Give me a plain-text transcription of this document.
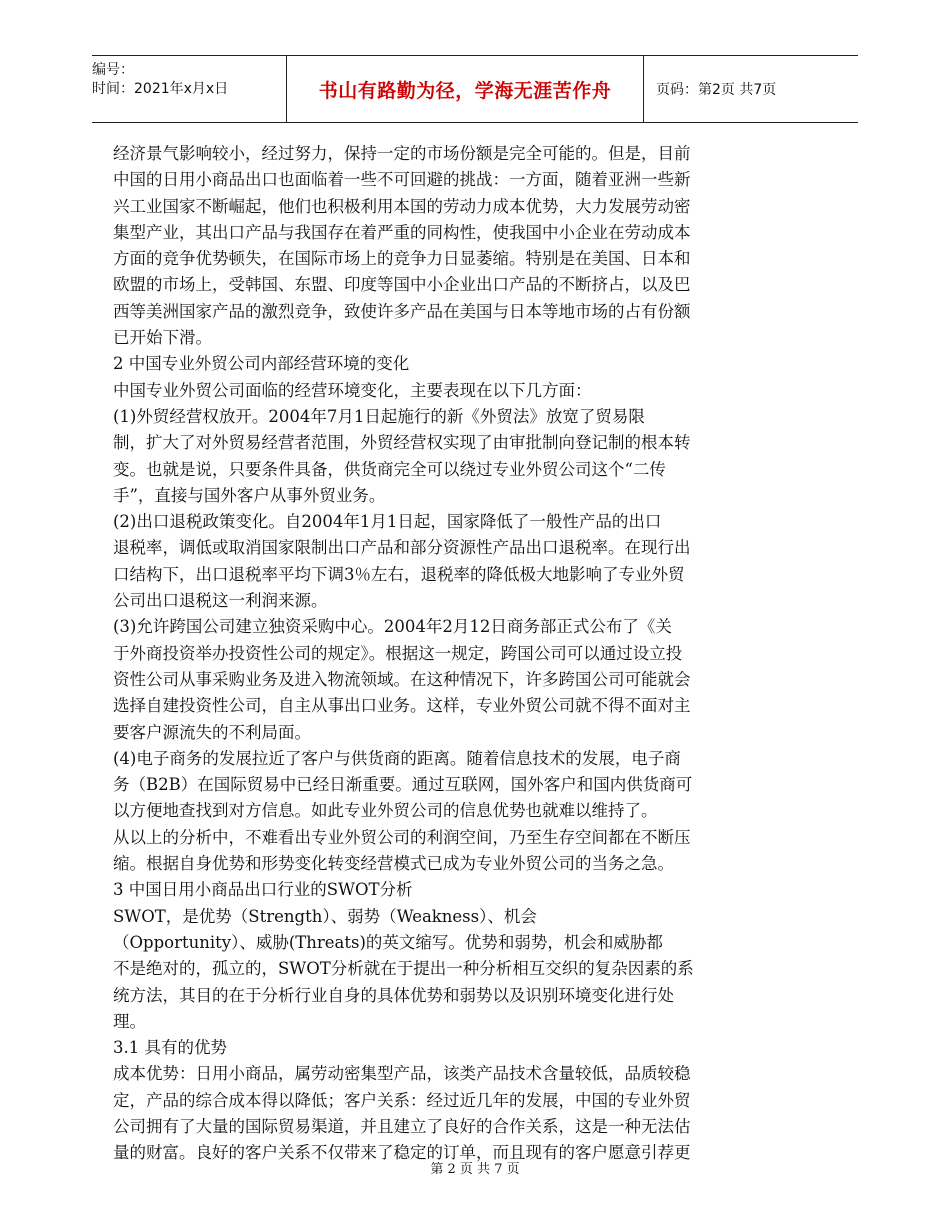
编号：
时间：2021年x月x日	书山有路勤为径，学海无涯苦作舟	页码：第2页 共7页

经济景气影响较小，经过努力，保持一定的市场份额是完全可能的。但是，目前

中国的日用小商品出口也面临着一些不可回避的挑战：一方面，随着亚洲一些新

兴工业国家不断崛起，他们也积极利用本国的劳动力成本优势，大力发展劳动密

集型产业，其出口产品与我国存在着严重的同构性，使我国中小企业在劳动成本

方面的竞争优势顿失，在国际市场上的竞争力日显萎缩。特别是在美国、日本和

欧盟的市场上，受韩国、东盟、印度等国中小企业出口产品的不断挤占，以及巴

西等美洲国家产品的激烈竞争，致使许多产品在美国与日本等地市场的占有份额

已开始下滑。

2 中国专业外贸公司内部经营环境的变化

中国专业外贸公司面临的经营环境变化，主要表现在以下几方面：

(1)外贸经营权放开。2004年7月1日起施行的新《外贸法》放宽了贸易限

制，扩大了对外贸易经营者范围，外贸经营权实现了由审批制向登记制的根本转

变。也就是说，只要条件具备，供货商完全可以绕过专业外贸公司这个“二传

手”，直接与国外客户从事外贸业务。

(2)出口退税政策变化。自2004年1月1日起，国家降低了一般性产品的出口

退税率，调低或取消国家限制出口产品和部分资源性产品出口退税率。在现行出

口结构下，出口退税率平均下调3％左右，退税率的降低极大地影响了专业外贸

公司出口退税这一利润来源。

(3)允许跨国公司建立独资采购中心。2004年2月12日商务部正式公布了《关

于外商投资举办投资性公司的规定》。根据这一规定，跨国公司可以通过设立投

资性公司从事采购业务及进入物流领域。在这种情况下，许多跨国公司可能就会

选择自建投资性公司，自主从事出口业务。这样，专业外贸公司就不得不面对主

要客户源流失的不利局面。

(4)电子商务的发展拉近了客户与供货商的距离。随着信息技术的发展，电子商

务（B2B）在国际贸易中已经日渐重要。通过互联网，国外客户和国内供货商可

以方便地查找到对方信息。如此专业外贸公司的信息优势也就难以维持了。

从以上的分析中，不难看出专业外贸公司的利润空间，乃至生存空间都在不断压

缩。根据自身优势和形势变化转变经营模式已成为专业外贸公司的当务之急。

3 中国日用小商品出口行业的SWOT分析

SWOT，是优势（Strength）、弱势（Weakness）、机会

（Opportunity）、威胁(Threats)的英文缩写。优势和弱势，机会和威胁都

不是绝对的，孤立的，SWOT分析就在于提出一种分析相互交织的复杂因素的系

统方法，其目的在于分析行业自身的具体优势和弱势以及识别环境变化进行处

理。

3.1 具有的优势

成本优势：日用小商品，属劳动密集型产品，该类产品技术含量较低，品质较稳

定，产品的综合成本得以降低；客户关系：经过近几年的发展，中国的专业外贸

公司拥有了大量的国际贸易渠道，并且建立了良好的合作关系，这是一种无法估

量的财富。良好的客户关系不仅带来了稳定的订单，而且现有的客户愿意引荐更

第 2 页 共 7 页
